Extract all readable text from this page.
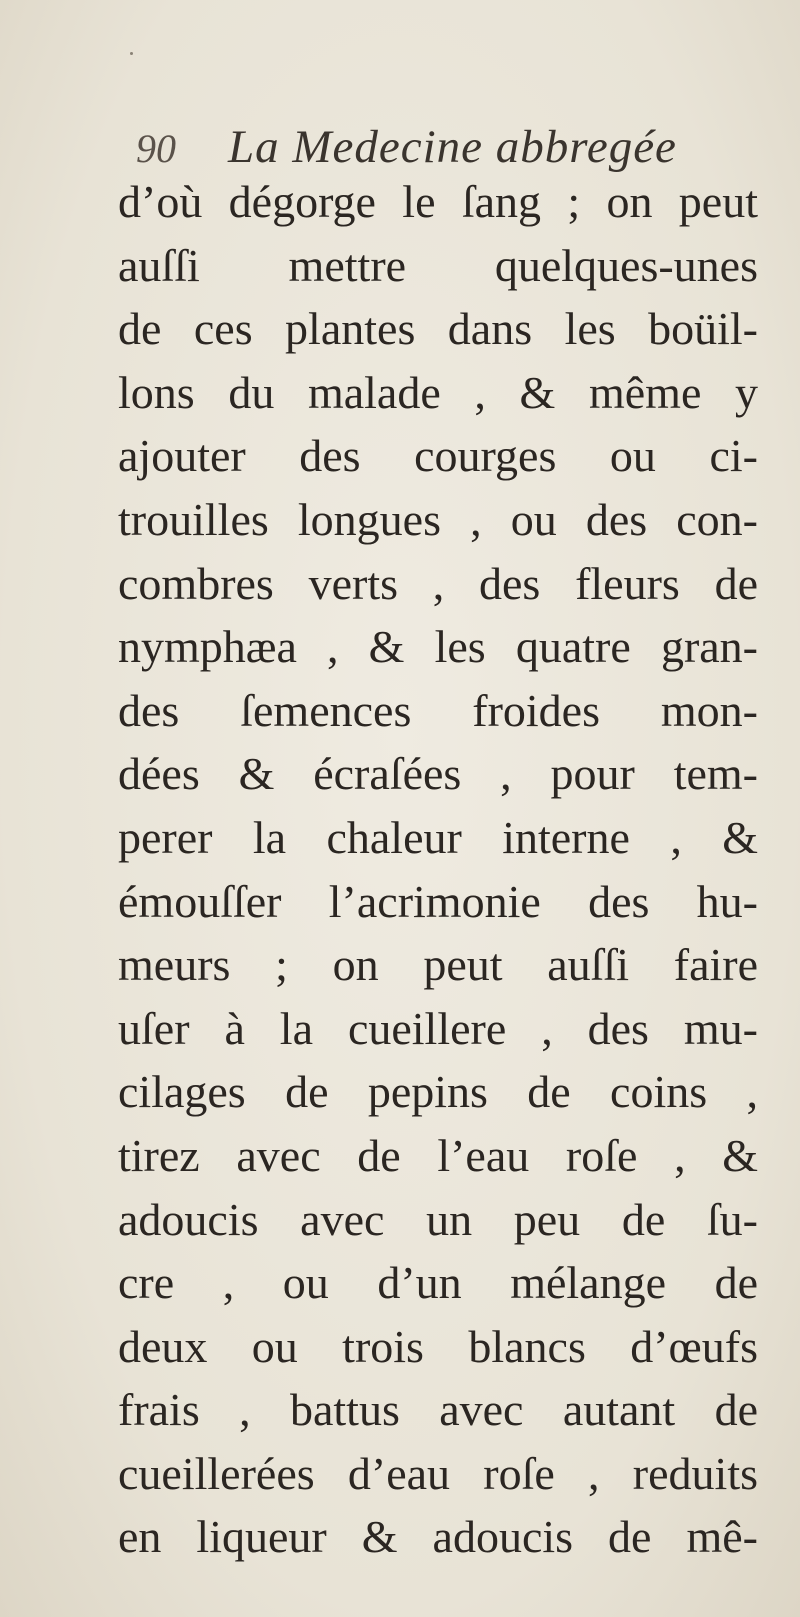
90	La Medecine abbregée
d’où dégorge le ſang ; on peut
auſſi mettre quelques-unes
de ces plantes dans les boüil-
lons du malade , & même y
ajouter des courges ou ci-
trouilles longues , ou des con-
combres verts , des fleurs de
nymphæa , & les quatre gran-
des ſemences froides mon-
dées & écraſées , pour tem-
perer la chaleur interne , &
émouſſer l’acrimonie des hu-
meurs ; on peut auſſi faire
uſer à la cueillere , des mu-
cilages de pepins de coins ,
tirez avec de l’eau roſe , &
adoucis avec un peu de ſu-
cre , ou d’un mélange de
deux ou trois blancs d’œufs
frais , battus avec autant de
cueillerées d’eau roſe , reduits
en liqueur & adoucis de mê-
